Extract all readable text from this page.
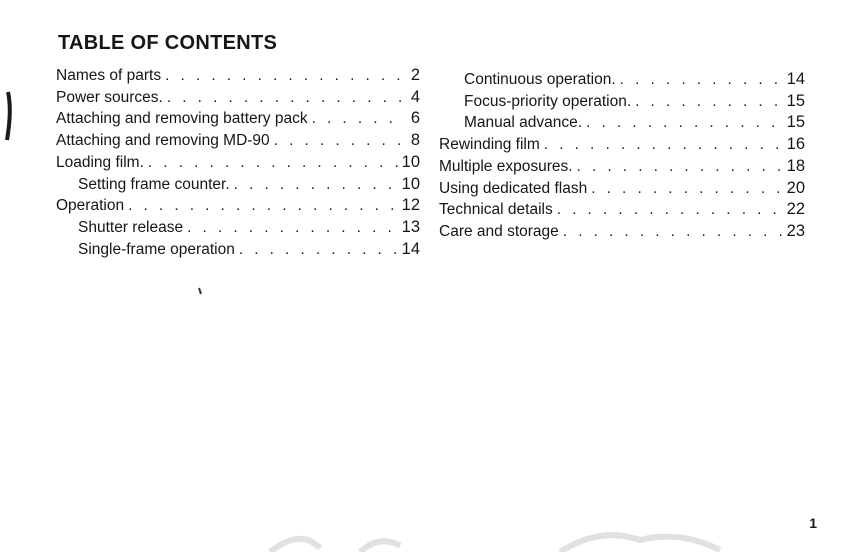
TABLE OF CONTENTS
Names of parts . . .	2
Power sources. . . .	4
Attaching and removing battery pack . . .	6
Attaching and removing MD-90 . . .	8
Loading film. . . .	10
Setting frame counter. . . .	10
Operation . . .	12
Shutter release . . .	13
Single-frame operation . . .	14
Continuous operation. . . .	14
Focus-priority operation. . . .	15
Manual advance. . . .	15
Rewinding film . . .	16
Multiple exposures. . . .	18
Using dedicated flash . . .	20
Technical details . . .	22
Care and storage . . .	23
1
